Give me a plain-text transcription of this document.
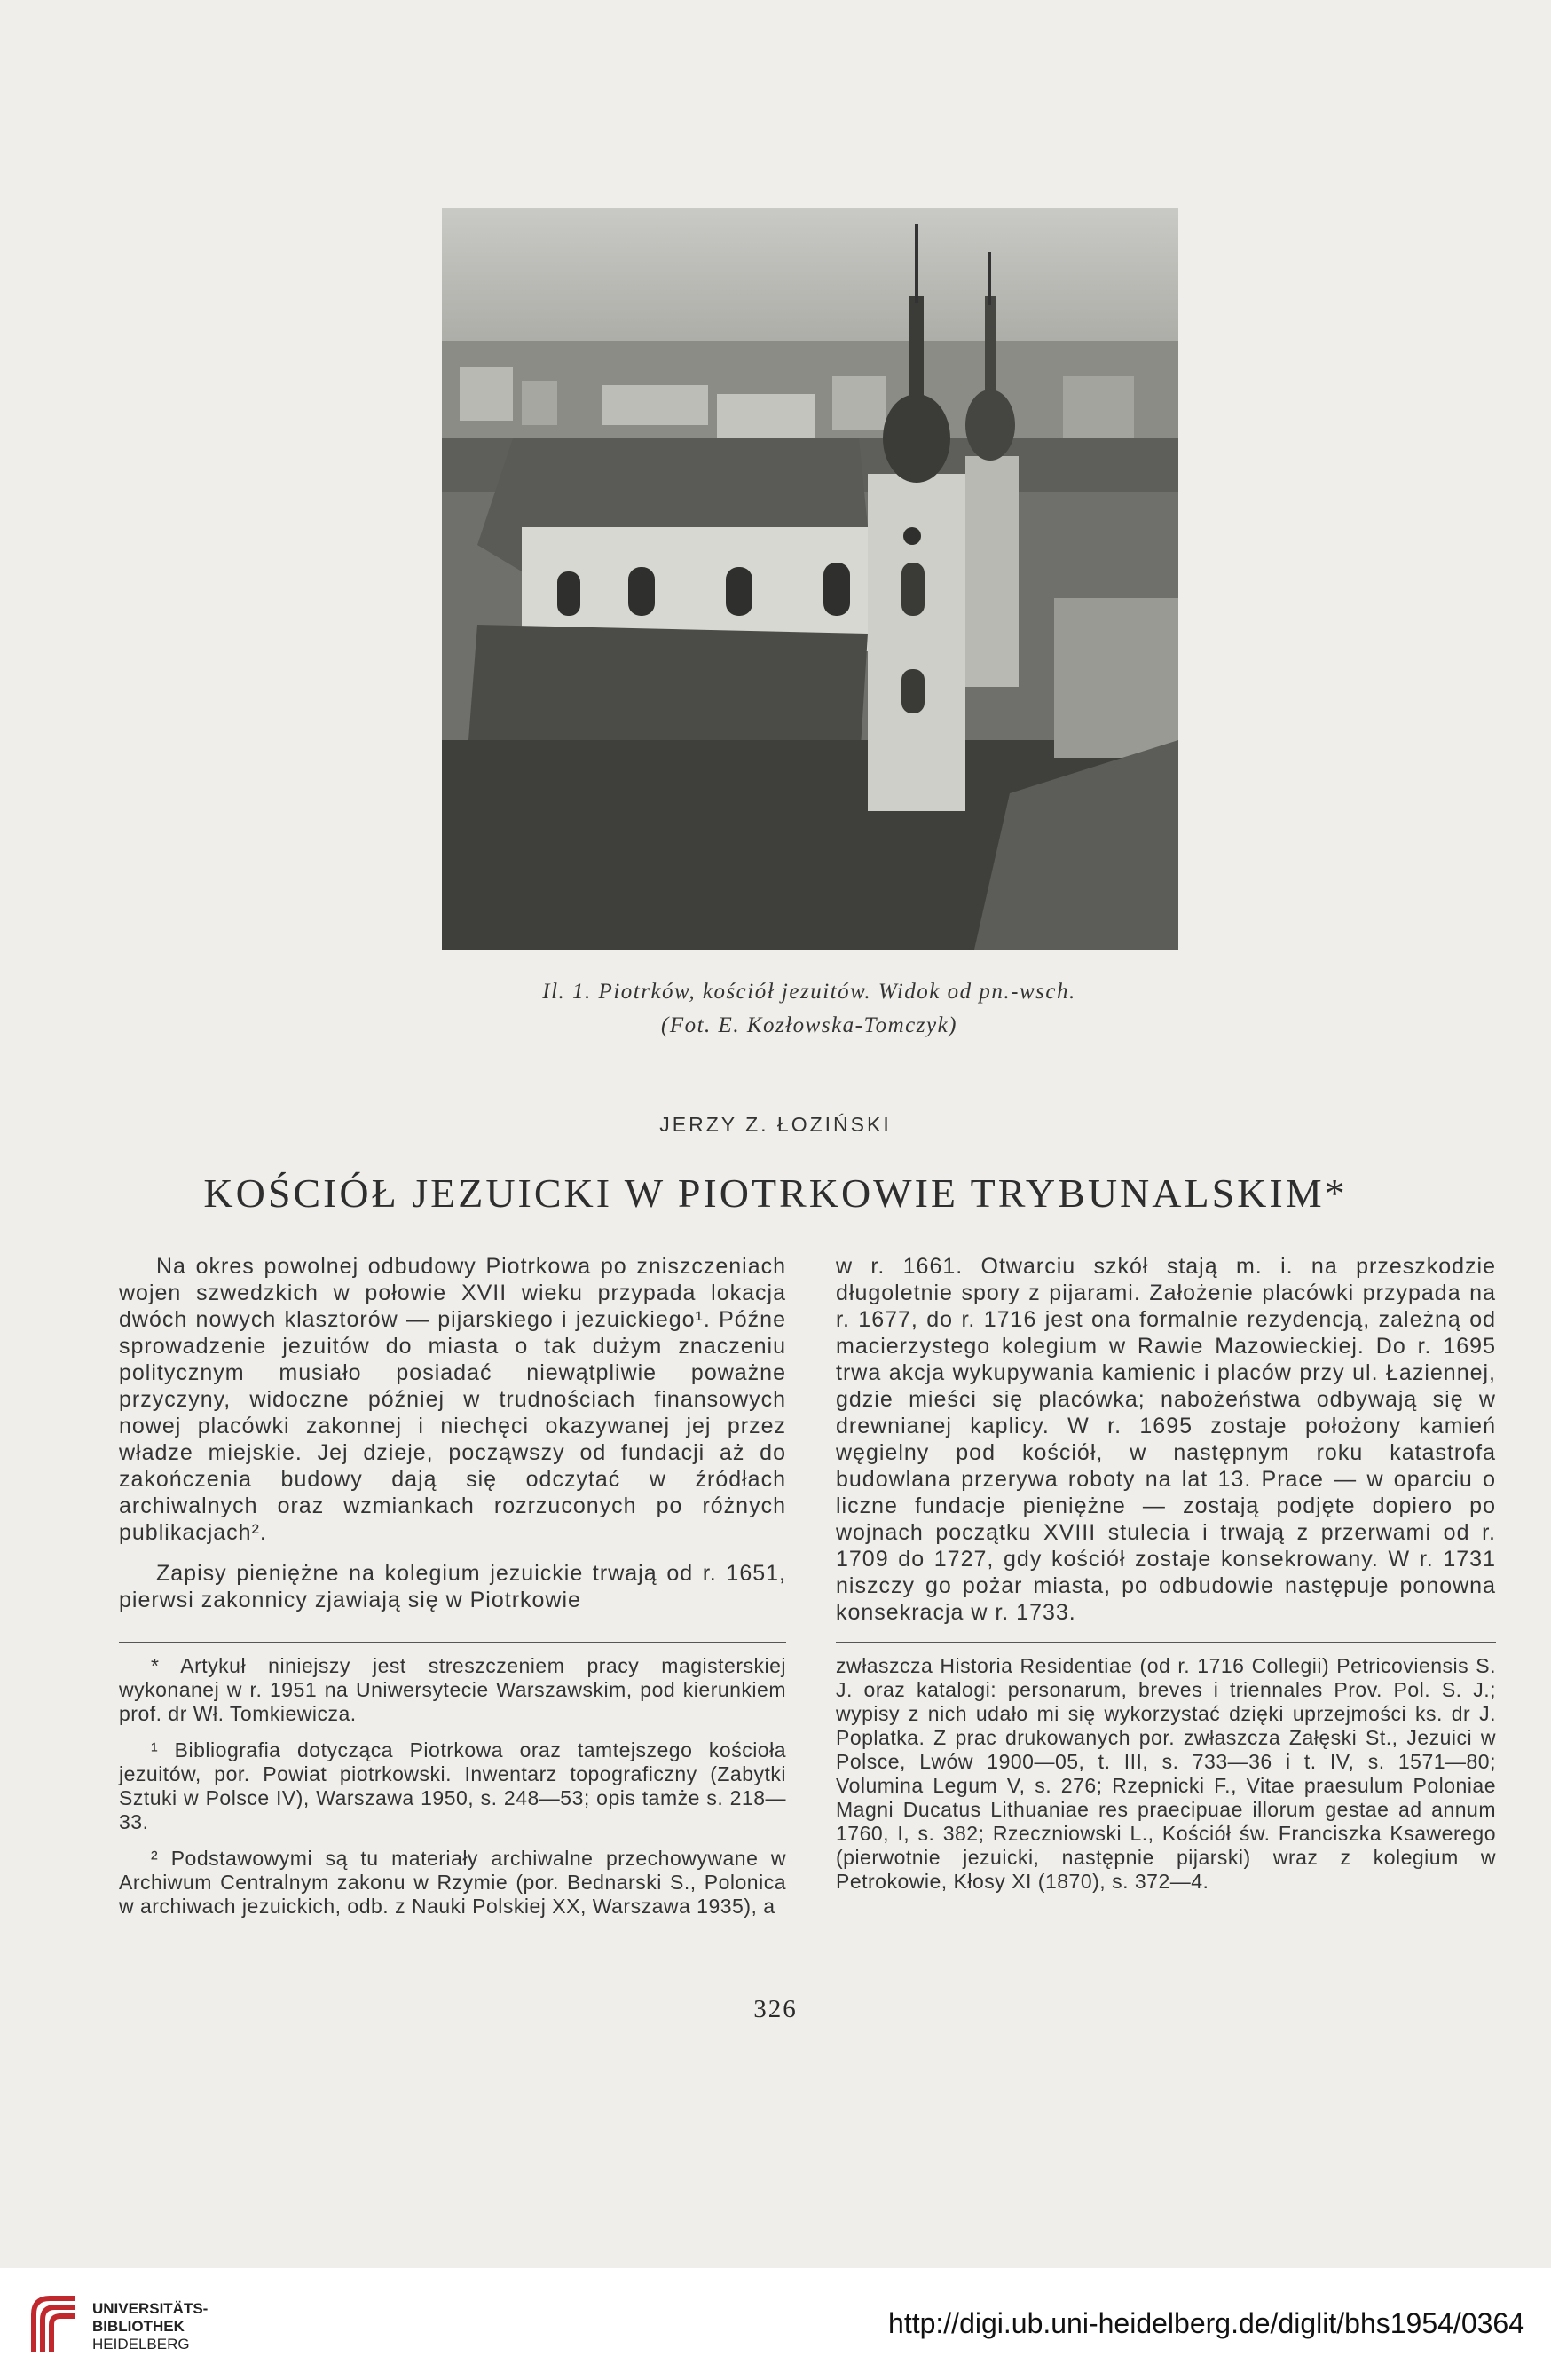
Il. 1. Piotrków, kościół jezuitów. Widok od pn.-wsch.
(Fot. E. Kozłowska-Tomczyk)
JERZY Z. ŁOZIŃSKI
KOŚCIÓŁ JEZUICKI W PIOTRKOWIE TRYBUNALSKIM*

Na okres powolnej odbudowy Piotrkowa po zniszczeniach wojen szwedzkich w połowie XVII wieku przypada lokacja dwóch nowych klasztorów — pijarskiego i jezuickiego¹. Późne sprowadzenie jezuitów do miasta o tak dużym znaczeniu politycznym musiało posiadać niewątpliwie poważne przyczyny, widoczne później w trudnościach finansowych nowej placówki zakonnej i niechęci okazywanej jej przez władze miejskie. Jej dzieje, począwszy od fundacji aż do zakończenia budowy dają się odczytać w źródłach archiwalnych oraz wzmiankach rozrzuconych po różnych publikacjach².

Zapisy pieniężne na kolegium jezuickie trwają od r. 1651, pierwsi zakonnicy zjawiają się w Piotrkowie

w r. 1661. Otwarciu szkół stają m. i. na przeszkodzie długoletnie spory z pijarami. Założenie placówki przypada na r. 1677, do r. 1716 jest ona formalnie rezydencją, zależną od macierzystego kolegium w Rawie Mazowieckiej. Do r. 1695 trwa akcja wykupywania kamienic i placów przy ul. Łaziennej, gdzie mieści się placówka; nabożeństwa odbywają się w drewnianej kaplicy. W r. 1695 zostaje położony kamień węgielny pod kościół, w następnym roku katastrofa budowlana przerywa roboty na lat 13. Prace — w oparciu o liczne fundacje pieniężne — zostają podjęte dopiero po wojnach początku XVIII stulecia i trwają z przerwami od r. 1709 do 1727, gdy kościół zostaje konsekrowany. W r. 1731 niszczy go pożar miasta, po odbudowie następuje ponowna konsekracja w r. 1733.

* Artykuł niniejszy jest streszczeniem pracy magisterskiej wykonanej w r. 1951 na Uniwersytecie Warszawskim, pod kierunkiem prof. dr Wł. Tomkiewicza.

¹ Bibliografia dotycząca Piotrkowa oraz tamtejszego kościoła jezuitów, por. Powiat piotrkowski. Inwentarz topograficzny (Zabytki Sztuki w Polsce IV), Warszawa 1950, s. 248—53; opis tamże s. 218—33.

² Podstawowymi są tu materiały archiwalne przechowywane w Archiwum Centralnym zakonu w Rzymie (por. Bednarski S., Polonica w archiwach jezuickich, odb. z Nauki Polskiej XX, Warszawa 1935), a

zwłaszcza Historia Residentiae (od r. 1716 Collegii) Petricoviensis S. J. oraz katalogi: personarum, breves i triennales Prov. Pol. S. J.; wypisy z nich udało mi się wykorzystać dzięki uprzejmości ks. dr J. Poplatka. Z prac drukowanych por. zwłaszcza Załęski St., Jezuici w Polsce, Lwów 1900—05, t. III, s. 733—36 i t. IV, s. 1571—80; Volumina Legum V, s. 276; Rzepnicki F., Vitae praesulum Poloniae Magni Ducatus Lithuaniae res praecipuae illorum gestae ad annum 1760, I, s. 382; Rzeczniowski L., Kościół św. Franciszka Ksawerego (pierwotnie jezuicki, następnie pijarski) wraz z kolegium w Petrokowie, Kłosy XI (1870), s. 372—4.

326
UNIVERSITÄTS-
BIBLIOTHEK
HEIDELBERG
http://digi.ub.uni-heidelberg.de/diglit/bhs1954/0364
